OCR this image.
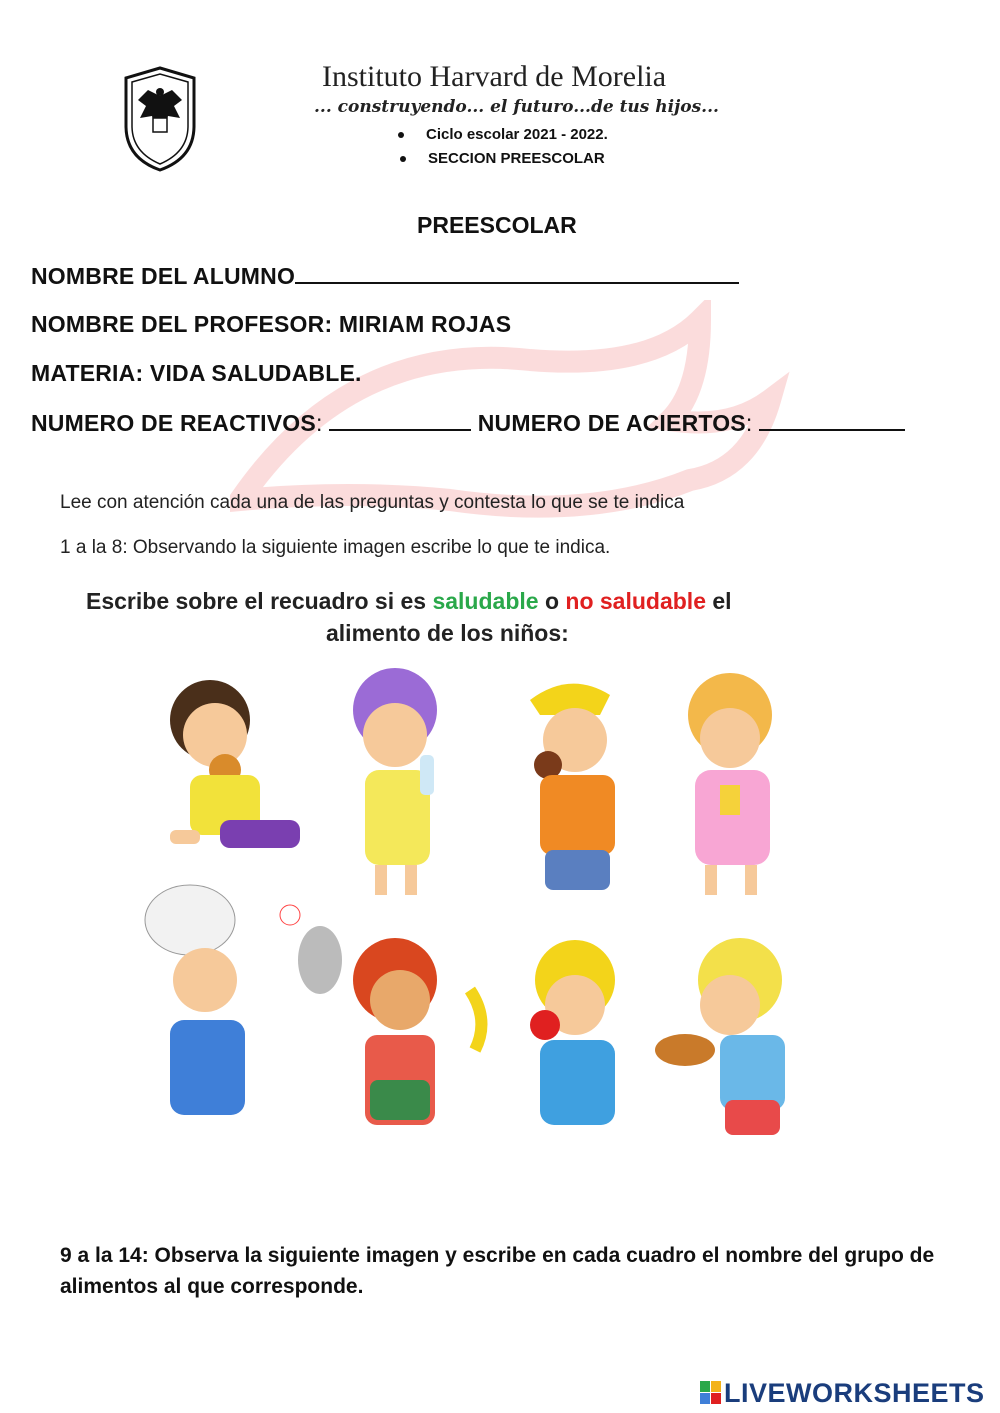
Instituto Harvard de Morelia
... construyendo... el futuro...de tus hijos...
Ciclo escolar 2021 - 2022.
SECCION PREESCOLAR
PREESCOLAR
NOMBRE DEL ALUMNO
NOMBRE DEL PROFESOR: MIRIAM ROJAS
MATERIA: VIDA SALUDABLE.
NUMERO DE REACTIVOS:	NUMERO DE ACIERTOS:
Lee con atención cada una de las preguntas y contesta lo que se te indica
1 a la 8: Observando la siguiente imagen escribe lo que te indica.
Escribe sobre el recuadro si es saludable o no saludable el
alimento de los niños:
9 a la 14: Observa la siguiente imagen y escribe en cada cuadro el nombre del grupo de alimentos al que corresponde.
LIVEWORKSHEETS
